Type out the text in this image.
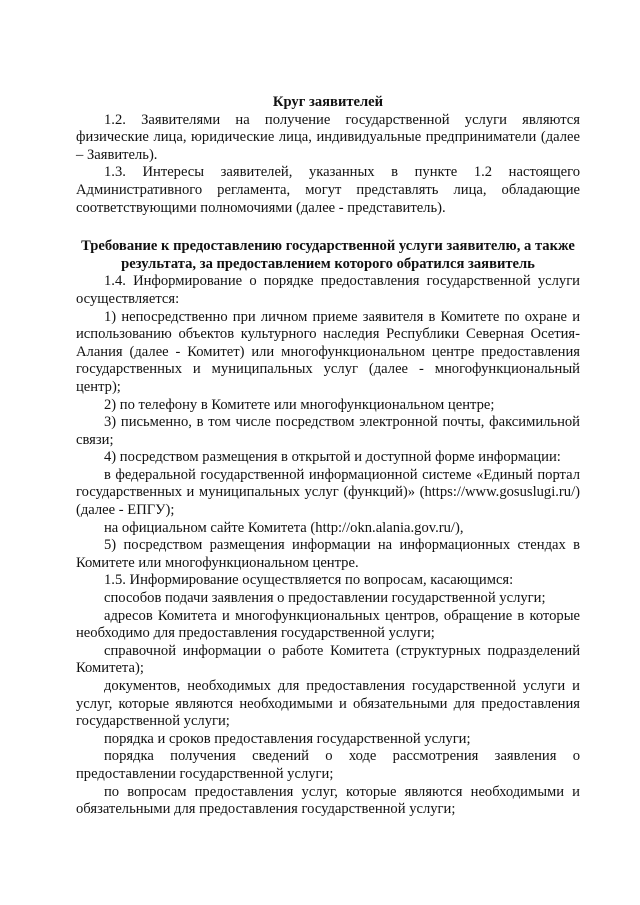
Круг заявителей

1.2. Заявителями на получение государственной услуги являются физические лица, юридические лица, индивидуальные предприниматели (далее – Заявитель).

1.3. Интересы заявителей, указанных в пункте 1.2 настоящего Административного регламента, могут представлять лица, обладающие соответствующими полномочиями (далее - представитель).

Требование к предоставлению государственной услуги заявителю, а также результата, за предоставлением которого обратился заявитель

1.4. Информирование о порядке предоставления государственной услуги осуществляется:

1) непосредственно при личном приеме заявителя в Комитете по охране и использованию объектов культурного наследия Республики Северная Осетия-Алания (далее - Комитет) или многофункциональном центре предоставления государственных и муниципальных услуг (далее - многофункциональный центр);

2) по телефону в Комитете или многофункциональном центре;

3) письменно, в том числе посредством электронной почты, факсимильной связи;

4) посредством размещения в открытой и доступной форме информации:

в федеральной государственной информационной системе «Единый портал государственных и муниципальных услуг (функций)» (https://www.gosuslugi.ru/) (далее - ЕПГУ);

на официальном сайте Комитета (http://okn.alania.gov.ru/),

5) посредством размещения информации на информационных стендах в Комитете или многофункциональном центре.

1.5. Информирование осуществляется по вопросам, касающимся:

способов подачи заявления о предоставлении государственной услуги;

адресов Комитета и многофункциональных центров, обращение в которые необходимо для предоставления государственной услуги;

справочной информации о работе Комитета (структурных подразделений Комитета);

документов, необходимых для предоставления государственной услуги и услуг, которые являются необходимыми и обязательными для предоставления государственной услуги;

порядка и сроков предоставления государственной услуги;

порядка получения сведений о ходе рассмотрения заявления о предоставлении государственной услуги;

по вопросам предоставления услуг, которые являются необходимыми и обязательными для предоставления государственной услуги;
